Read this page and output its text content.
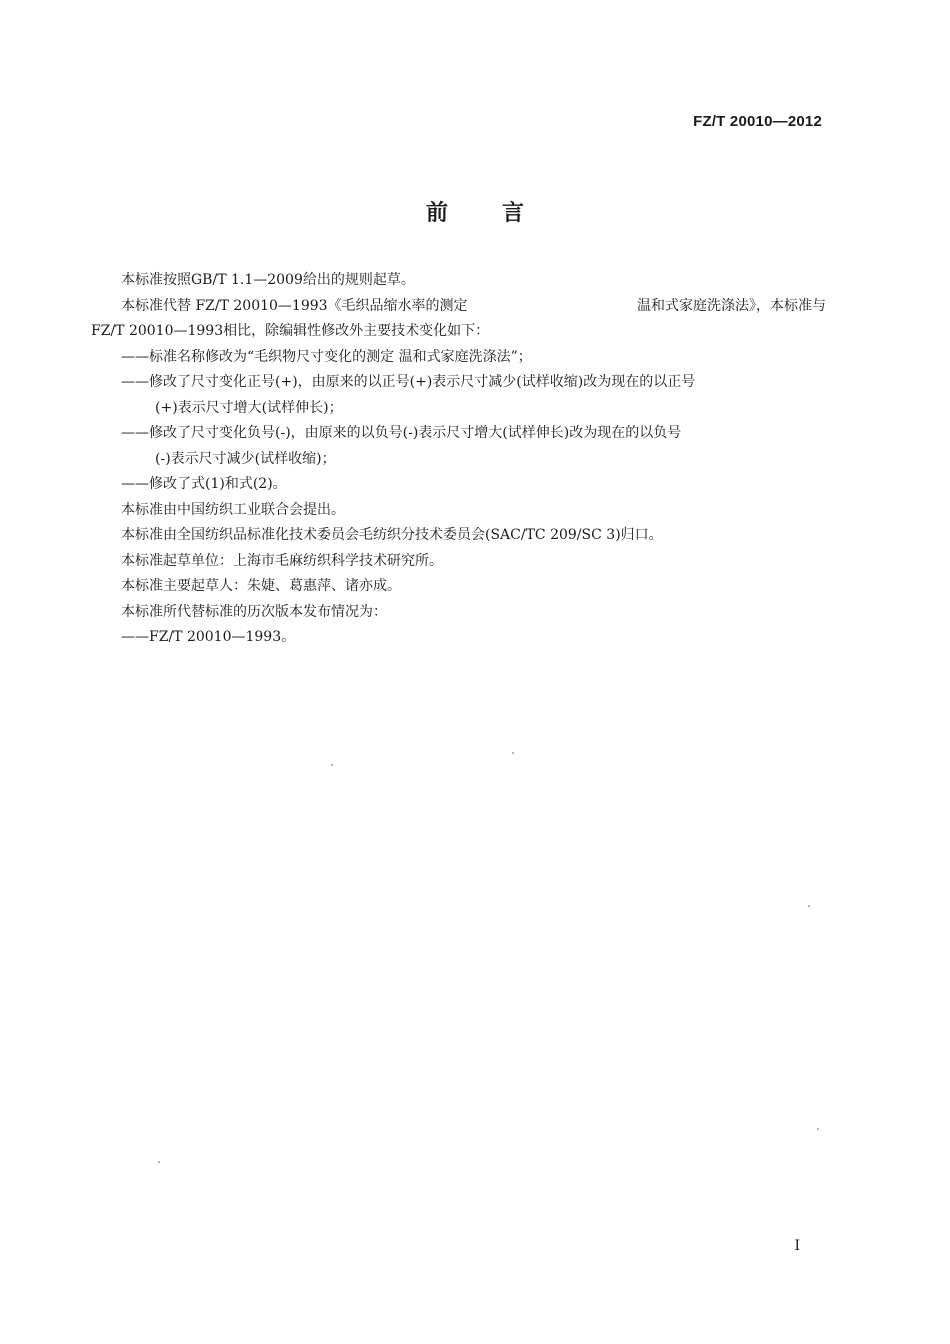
FZ/T 20010—2012
前言
本标准按照GB/T 1.1—2009给出的规则起草。
本标准代替 FZ/T 20010—1993《毛织品缩水率的测定	温和式家庭洗涤法》，本标准与
FZ/T 20010—1993相比，除编辑性修改外主要技术变化如下：
——标准名称修改为“毛织物尺寸变化的测定 温和式家庭洗涤法”；
——修改了尺寸变化正号(+)，由原来的以正号(+)表示尺寸减少(试样收缩)改为现在的以正号
(+)表示尺寸增大(试样伸长)；
——修改了尺寸变化负号(-)，由原来的以负号(-)表示尺寸增大(试样伸长)改为现在的以负号
(-)表示尺寸减少(试样收缩)；
——修改了式(1)和式(2)。
本标准由中国纺织工业联合会提出。
本标准由全国纺织品标准化技术委员会毛纺织分技术委员会(SAC/TC 209/SC 3)归口。
本标准起草单位：上海市毛麻纺织科学技术研究所。
本标准主要起草人：朱婕、葛惠萍、诸亦成。
本标准所代替标准的历次版本发布情况为：
——FZ/T 20010—1993。
I
